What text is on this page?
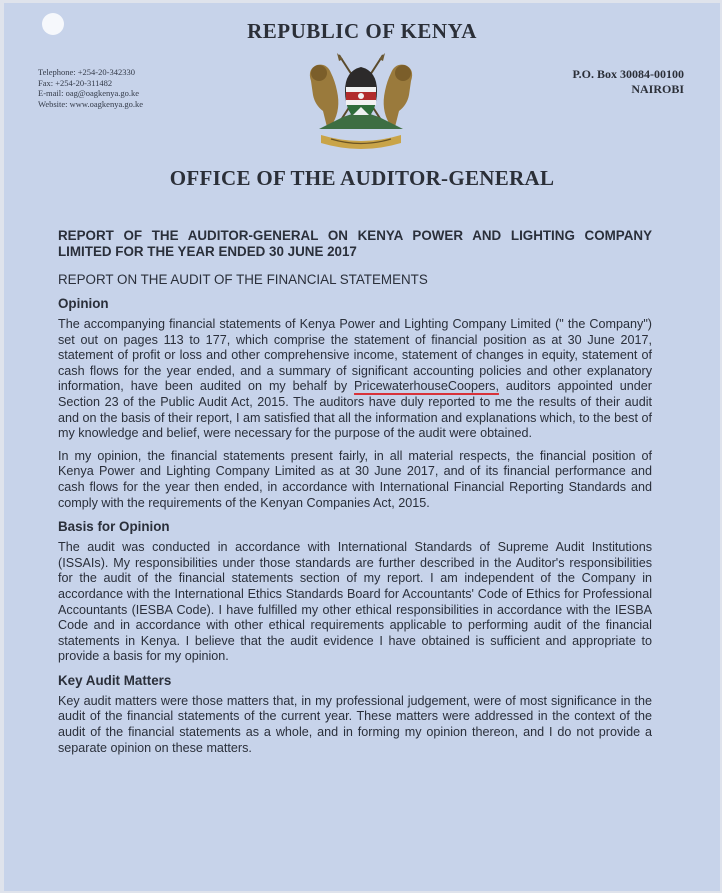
REPUBLIC OF KENYA
Telephone: +254-20-342330
Fax: +254-20-311482
E-mail: oag@oagkenya.go.ke
Website: www.oagkenya.go.ke
P.O. Box 30084-00100
NAIROBI
OFFICE OF THE AUDITOR-GENERAL
REPORT OF THE AUDITOR-GENERAL ON KENYA POWER AND LIGHTING COMPANY LIMITED FOR THE YEAR ENDED 30 JUNE 2017
REPORT ON THE AUDIT OF THE FINANCIAL STATEMENTS
Opinion

The accompanying financial statements of Kenya Power and Lighting Company Limited (" the Company") set out on pages 113 to 177, which comprise the statement of financial position as at 30 June 2017, statement of profit or loss and other comprehensive income, statement of changes in equity, statement of cash flows for the year ended, and a summary of significant accounting policies and other explanatory information, have been audited on my behalf by PricewaterhouseCoopers, auditors appointed under Section 23 of the Public Audit Act, 2015. The auditors have duly reported to me the results of their audit and on the basis of their report, I am satisfied that all the information and explanations which, to the best of my knowledge and belief, were necessary for the purpose of the audit were obtained.

In my opinion, the financial statements present fairly, in all material respects, the financial position of Kenya Power and Lighting Company Limited as at 30 June 2017, and of its financial performance and cash flows for the year then ended, in accordance with International Financial Reporting Standards and comply with the requirements of the Kenyan Companies Act, 2015.

Basis for Opinion

The audit was conducted in accordance with International Standards of Supreme Audit Institutions (ISSAIs). My responsibilities under those standards are further described in the Auditor's responsibilities for the audit of the financial statements section of my report. I am independent of the Company in accordance with the International Ethics Standards Board for Accountants' Code of Ethics for Professional Accountants (IESBA Code). I have fulfilled my other ethical responsibilities in accordance with the IESBA Code and in accordance with other ethical requirements applicable to performing audit of the financial statements in Kenya. I believe that the audit evidence I have obtained is sufficient and appropriate to provide a basis for my opinion.

Key Audit Matters

Key audit matters were those matters that, in my professional judgement, were of most significance in the audit of the financial statements of the current year. These matters were addressed in the context of the audit of the financial statements as a whole, and in forming my opinion thereon, and I do not provide a separate opinion on these matters.
